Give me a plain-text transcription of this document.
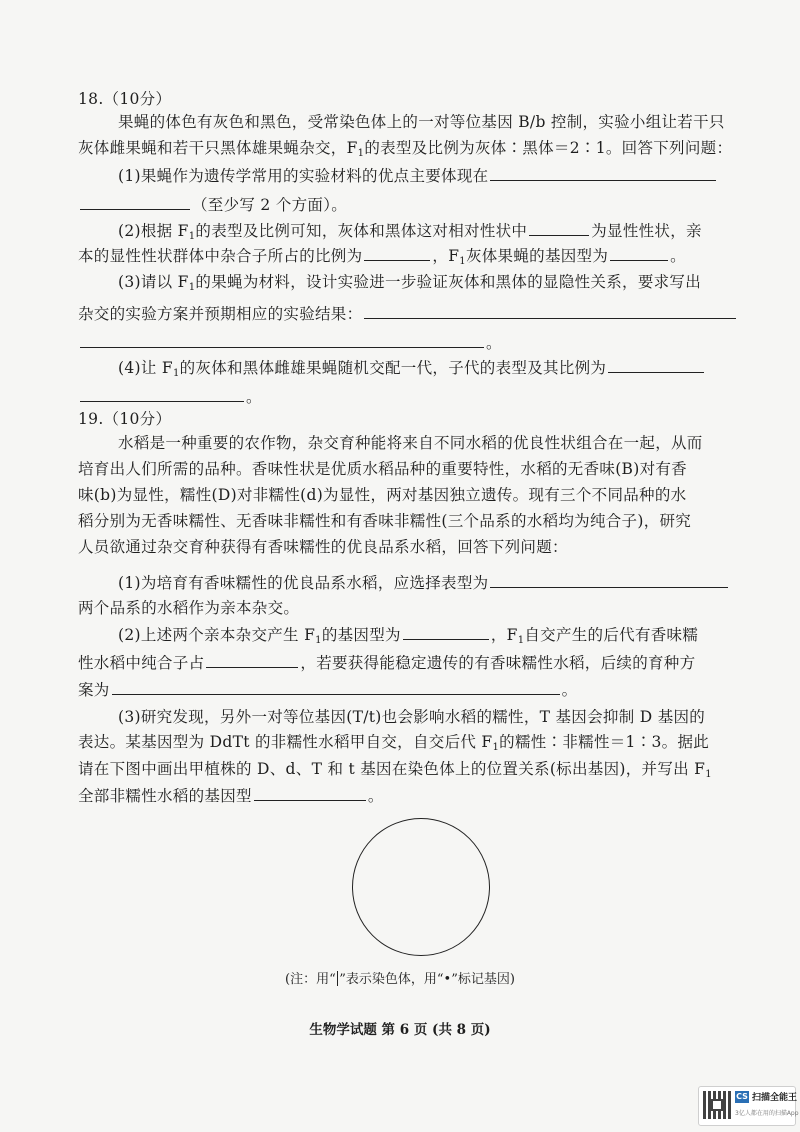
18.（10分）
果蝇的体色有灰色和黑色，受常染色体上的一对等位基因 B/b 控制，实验小组让若干只
灰体雌果蝇和若干只黑体雄果蝇杂交，$F_1$的表型及比例为灰体∶黑体＝2∶1。回答下列问题：
(1)果蝇作为遗传学常用的实验材料的优点主要体现在
（至少写 2 个方面）。
(2)根据 $F_1$的表型及比例可知，灰体和黑体这对相对性状中	为显性性状，亲
本的显性性状群体中杂合子所占的比例为	，$F_1$灰体果蝇的基因型为	。
(3)请以 $F_1$的果蝇为材料，设计实验进一步验证灰体和黑体的显隐性关系，要求写出
杂交的实验方案并预期相应的实验结果：
。
(4)让 $F_1$的灰体和黑体雌雄果蝇随机交配一代，子代的表型及其比例为
。
19.（10分）
水稻是一种重要的农作物，杂交育种能将来自不同水稻的优良性状组合在一起，从而
培育出人们所需的品种。香味性状是优质水稻品种的重要特性，水稻的无香味(B)对有香
味(b)为显性，糯性(D)对非糯性(d)为显性，两对基因独立遗传。现有三个不同品种的水
稻分别为无香味糯性、无香味非糯性和有香味非糯性(三个品系的水稻均为纯合子)，研究
人员欲通过杂交育种获得有香味糯性的优良品系水稻，回答下列问题：
(1)为培育有香味糯性的优良品系水稻，应选择表型为
两个品系的水稻作为亲本杂交。
(2)上述两个亲本杂交产生 $F_1$的基因型为	，$F_1$自交产生的后代有香味糯
性水稻中纯合子占	，若要获得能稳定遗传的有香味糯性水稻，后续的育种方
案为	。
(3)研究发现，另外一对等位基因(T/t)也会影响水稻的糯性，T 基因会抑制 D 基因的
表达。某基因型为 DdTt 的非糯性水稻甲自交，自交后代 $F_1$的糯性∶非糯性＝1∶3。据此
请在下图中画出甲植株的 D、d、T 和 t 基因在染色体上的位置关系(标出基因)，并写出 $F_1$
全部非糯性水稻的基因型	。
(注：用“ ”表示染色体，用“•”标记基因)
生物学试题 第 6 页 (共 8 页)
CS 扫描全能王
3亿人都在用的扫描App
